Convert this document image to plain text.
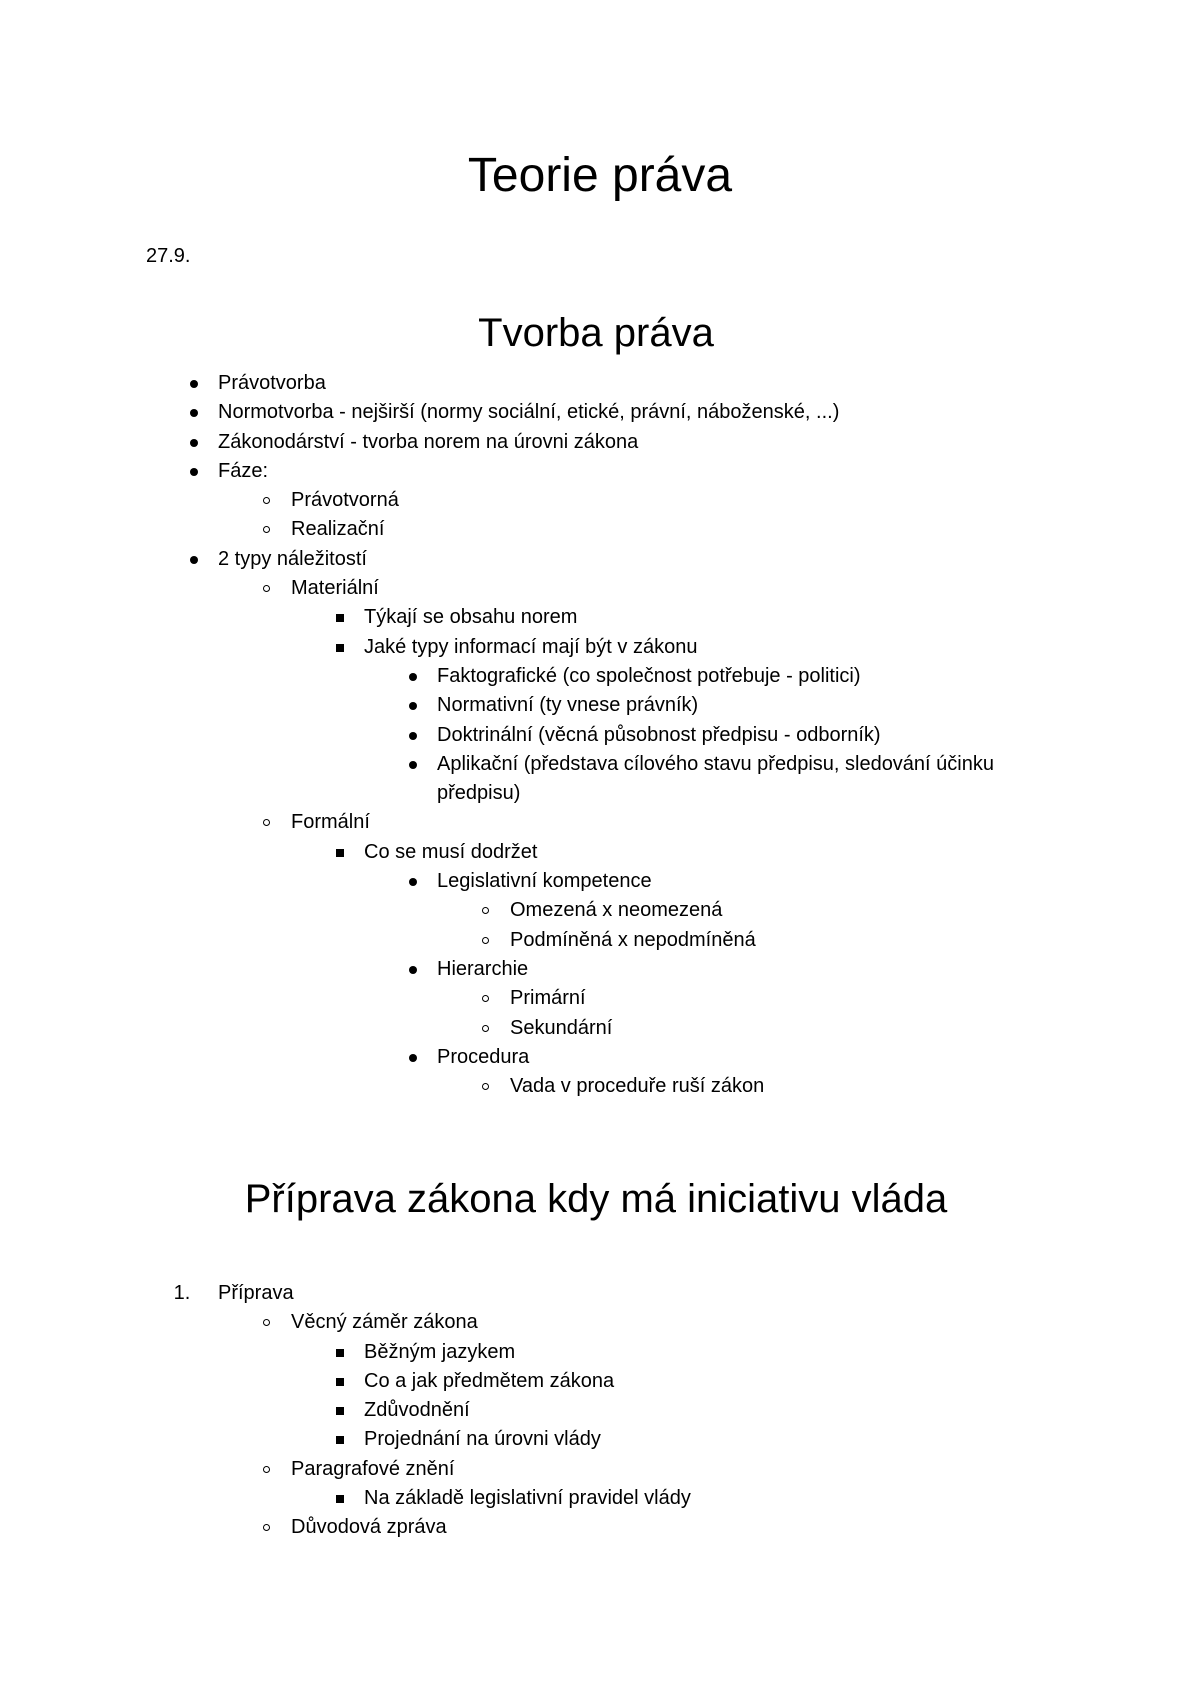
Teorie práva

27.9.

Tvorba práva
Právotvorba
Normotvorba - nejširší (normy sociální, etické, právní, náboženské, ...)
Zákonodárství - tvorba norem na úrovni zákona
Fáze:
Právotvorná
Realizační
2 typy náležitostí
Materiální
Týkají se obsahu norem
Jaké typy informací mají být v zákonu
Faktografické (co společnost potřebuje - politici)
Normativní (ty vnese právník)
Doktrinální (věcná působnost předpisu - odborník)
Aplikační (představa cílového stavu předpisu, sledování účinku předpisu)
Formální
Co se musí dodržet
Legislativní kompetence
Omezená x neomezená
Podmíněná x nepodmíněná
Hierarchie
Primární
Sekundární
Procedura
Vada v proceduře ruší zákon
Příprava zákona kdy má iniciativu vláda
1.	Příprava
Věcný záměr zákona
Běžným jazykem
Co a jak předmětem zákona
Zdůvodnění
Projednání na úrovni vlády
Paragrafové znění
Na základě legislativní pravidel vlády
Důvodová zpráva
